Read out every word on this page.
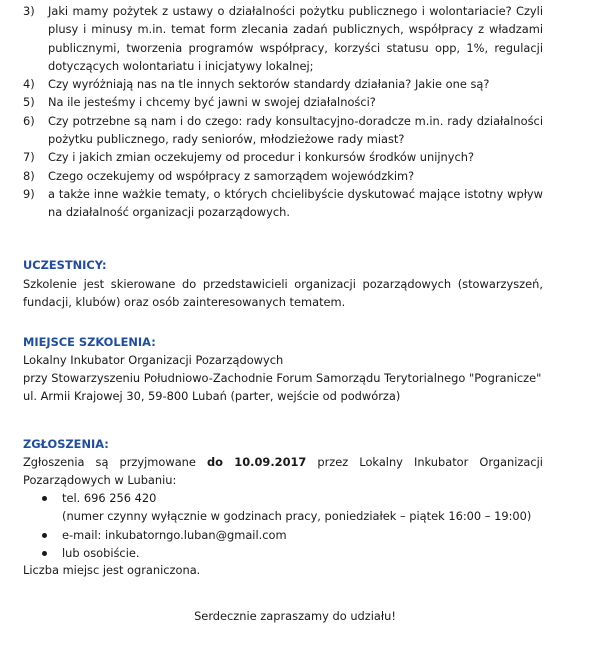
3) Jaki mamy pożytek z ustawy o działalności pożytku publicznego i wolontariacie? Czyli plusy i minusy m.in. temat form zlecania zadań publicznych, współpracy z władzami publicznymi, tworzenia programów współpracy, korzyści statusu opp, 1%, regulacji dotyczących wolontariatu i inicjatywy lokalnej;
4) Czy wyróżniają nas na tle innych sektorów standardy działania? Jakie one są?
5) Na ile jesteśmy i chcemy być jawni w swojej działalności?
6) Czy potrzebne są nam i do czego: rady konsultacyjno-doradcze m.in. rady działalności pożytku publicznego, rady seniorów, młodzieżowe rady miast?
7) Czy i jakich zmian oczekujemy od procedur i konkursów środków unijnych?
8) Czego oczekujemy od współpracy z samorządem wojewódzkim?
9) a także inne ważkie tematy, o których chcielibyście dyskutować mające istotny wpływ na działalność organizacji pozarządowych.
UCZESTNICY:
Szkolenie jest skierowane do przedstawicieli organizacji pozarządowych (stowarzyszeń, fundacji, klubów) oraz osób zainteresowanych tematem.
MIEJSCE SZKOLENIA:
Lokalny Inkubator Organizacji Pozarządowych
przy Stowarzyszeniu Południowo-Zachodnie Forum Samorządu Terytorialnego "Pogranicze"
ul. Armii Krajowej 30, 59-800 Lubań (parter, wejście od podwórza)
ZGŁOSZENIA:
Zgłoszenia są przyjmowane do 10.09.2017 przez Lokalny Inkubator Organizacji Pozarządowych w Lubaniu:
tel. 696 256 420
(numer czynny wyłącznie w godzinach pracy, poniedziałek – piątek 16:00 – 19:00)
e-mail: inkubatorngo.luban@gmail.com
lub osobiście.
Liczba miejsc jest ograniczona.
Serdecznie zapraszamy do udziału!
